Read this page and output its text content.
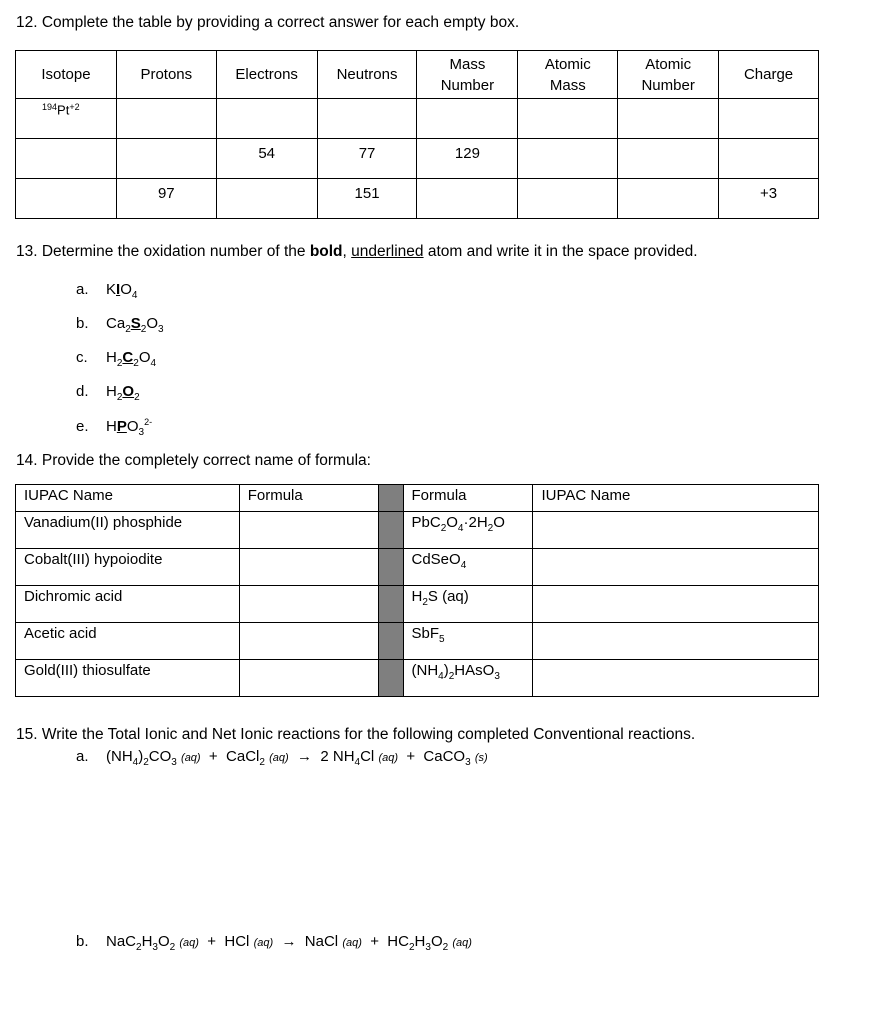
12. Complete the table by providing a correct answer for each empty box.
Isotope	Protons	Electrons	Neutrons	Mass Number	Atomic Mass	Atomic Number	Charge
$^{194}Pt^{+2}$							
		54	77	129			
	97		151				+3
13. Determine the oxidation number of the bold, underlined atom and write it in the space provided.
a. $KIO_4$
b. $Ca_2S_2O_3$
c. $H_2C_2O_4$
d. $H_2O_2$
e. $HPO_3^{2-}$
14. Provide the completely correct name of formula:
IUPAC Name	Formula		Formula	IUPAC Name
Vanadium(II) phosphide			$PbC_2O_4\cdot 2H_2O$	
Cobalt(III) hypoiodite			CdSeO$_4$	
Dichromic acid			$H_2S$ (aq)	
Acetic acid			SbF$_5$	
Gold(III) thiosulfate			$(NH_4)_2HAsO_3$	
15. Write the Total Ionic and Net Ionic reactions for the following completed Conventional reactions.
a. $(NH_4)_2CO_3$ (aq)  +  CaCl$_2$ (aq) →  2 $NH_4Cl$ (aq)  +  CaCO$_3$ (s)
b. $NaC_2H_3O_2$ (aq)  +  HCl (aq) →  NaCl $(aq) + HC_2H_3O_2$ (aq)
